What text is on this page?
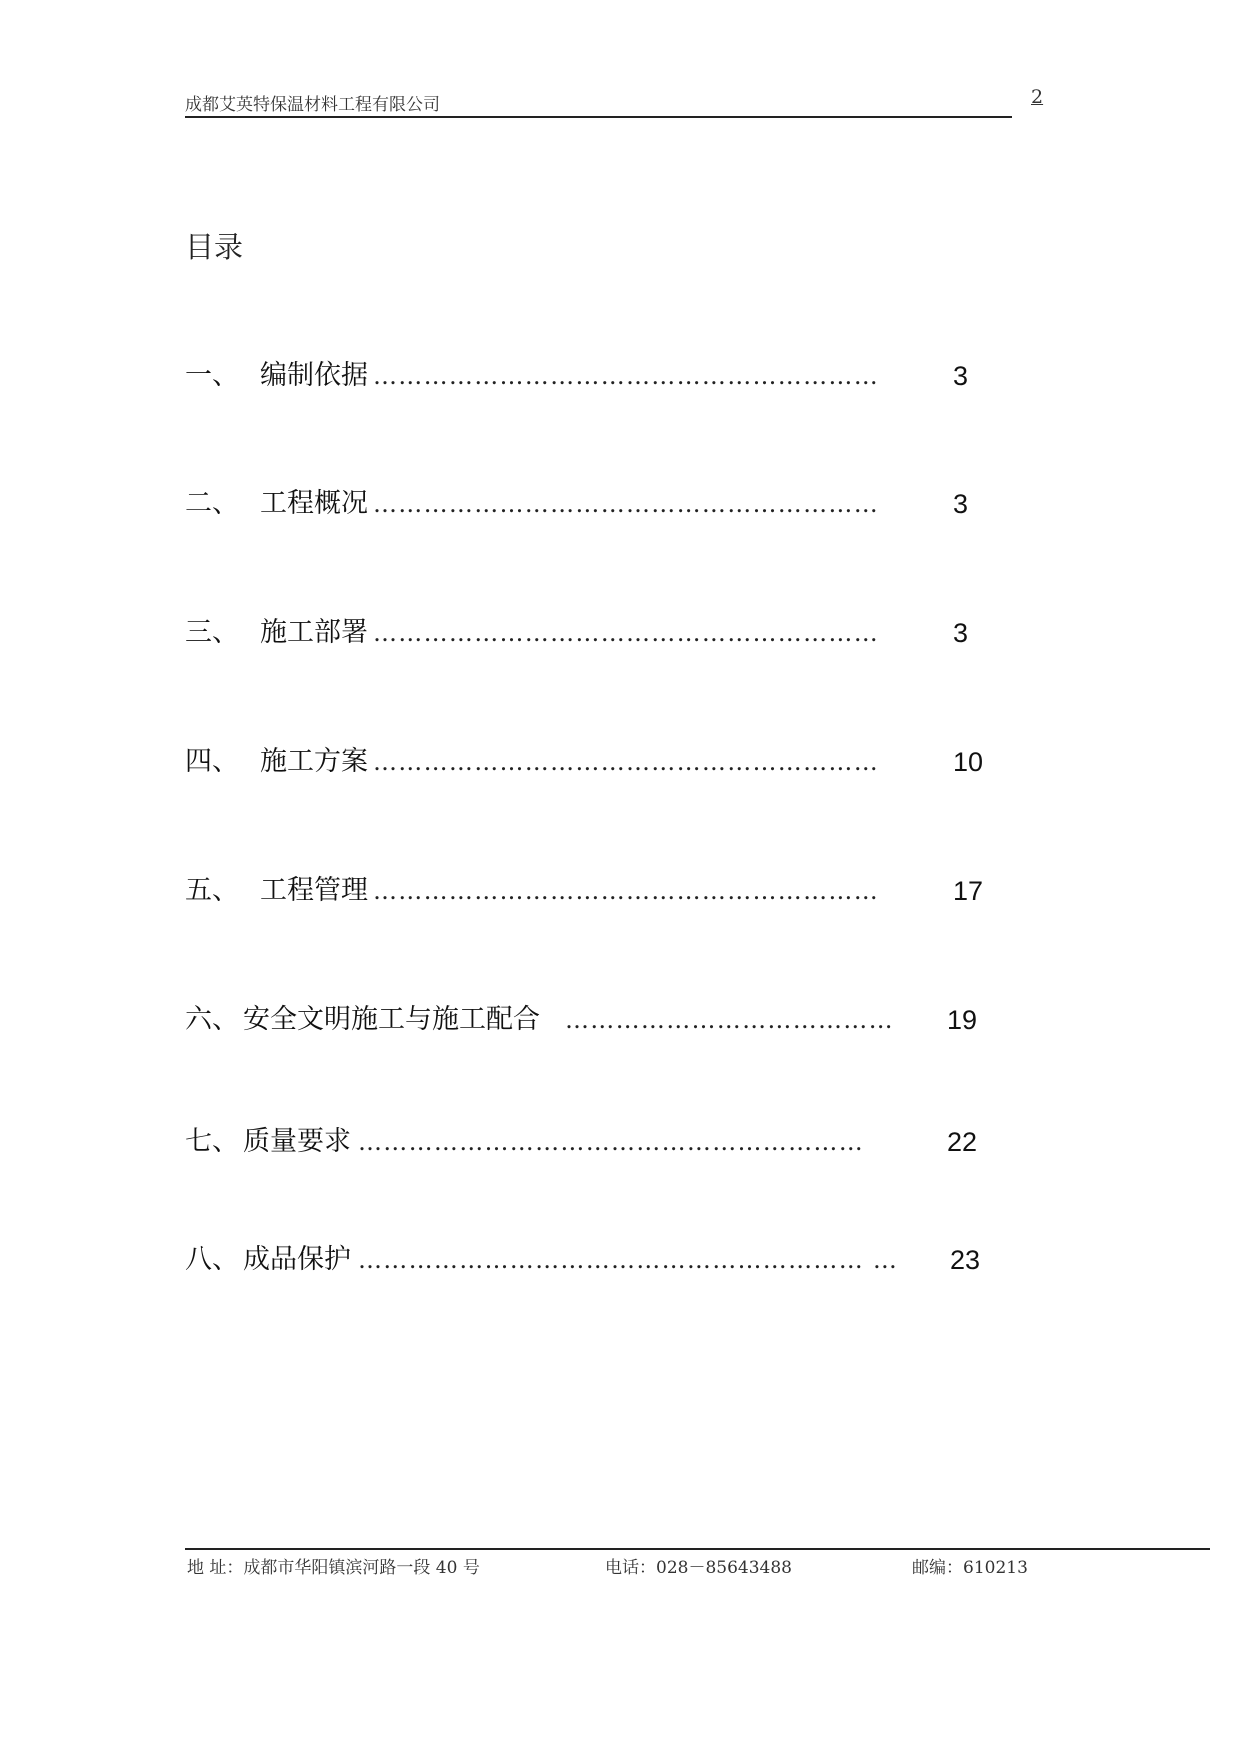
成都艾英特保温材料工程有限公司	2
目录
一、 编制依据 ……………………………………………………	3
二、 工程概况 ……………………………………………………	3
三、 施工部署 ……………………………………………………	3
四、 施工方案 ……………………………………………………	10
五、 工程管理 ……………………………………………………	17
六、 安全文明施工与施工配合 …………………………………	19
七、 质量要求 ……………………………………………………	22
八、 成品保护 …………………………………………………… …	23
地 址：成都市华阳镇滨河路一段 40 号	电话：028－85643488	邮编：610213
